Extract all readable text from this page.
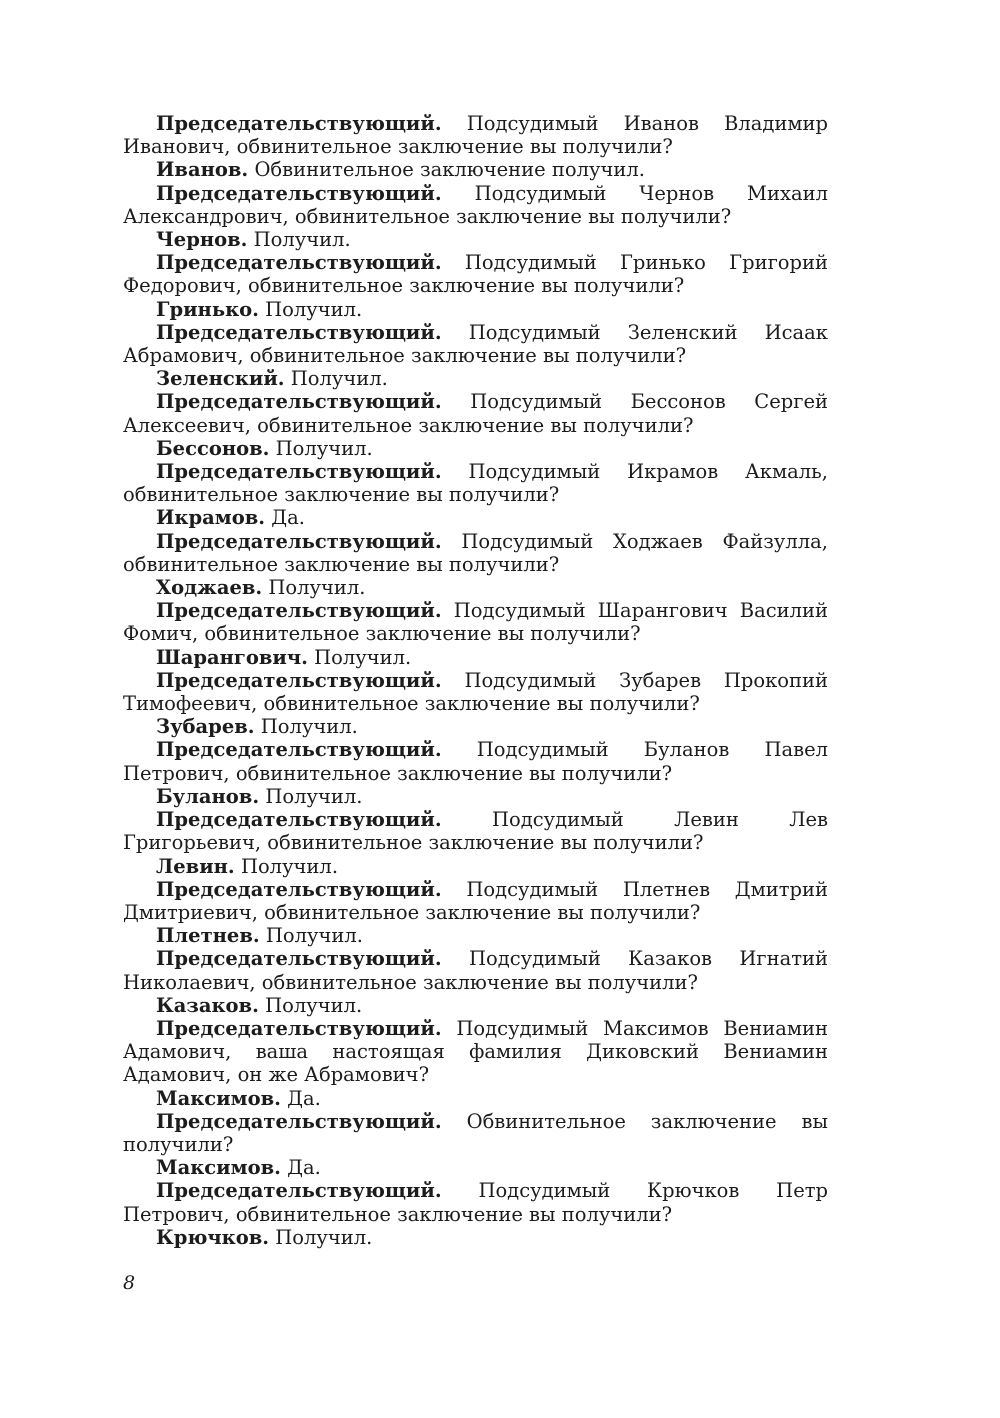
Председательствующий. Подсудимый Иванов Владимир Иванович, обвинительное заключение вы получили?

Иванов. Обвинительное заключение получил.

Председательствующий. Подсудимый Чернов Михаил Александрович, обвинительное заключение вы получили?

Чернов. Получил.

Председательствующий. Подсудимый Гринько Григорий Федорович, обвинительное заключение вы получили?

Гринько. Получил.

Председательствующий. Подсудимый Зеленский Исаак Абрамович, обвинительное заключение вы получили?

Зеленский. Получил.

Председательствующий. Подсудимый Бессонов Сергей Алексеевич, обвинительное заключение вы получили?

Бессонов. Получил.

Председательствующий. Подсудимый Икрамов Акмаль, обвинительное заключение вы получили?

Икрамов. Да.

Председательствующий. Подсудимый Ходжаев Файзулла, обвинительное заключение вы получили?

Ходжаев. Получил.

Председательствующий. Подсудимый Шарангович Василий Фомич, обвинительное заключение вы получили?

Шарангович. Получил.

Председательствующий. Подсудимый Зубарев Прокопий Тимофеевич, обвинительное заключение вы получили?

Зубарев. Получил.

Председательствующий. Подсудимый Буланов Павел Петрович, обвинительное заключение вы получили?

Буланов. Получил.

Председательствующий.	Подсудимый Левин Лев Григорьевич, обвинительное заключение вы получили?

Левин. Получил.

Председательствующий. Подсудимый Плетнев Дмитрий Дмитриевич, обвинительное заключение вы получили?

Плетнев. Получил.

Председательствующий. Подсудимый Казаков Игнатий Николаевич, обвинительное заключение вы получили?

Казаков. Получил.

Председательствующий. Подсудимый Максимов Вениамин Адамович, ваша настоящая фамилия Диковский Вениамин Адамович, он же Абрамович?

Максимов. Да.

Председательствующий. Обвинительное заключение вы получили?

Максимов. Да.

Председательствующий. Подсудимый Крючков Петр Петрович, обвинительное заключение вы получили?

Крючков. Получил.

8
